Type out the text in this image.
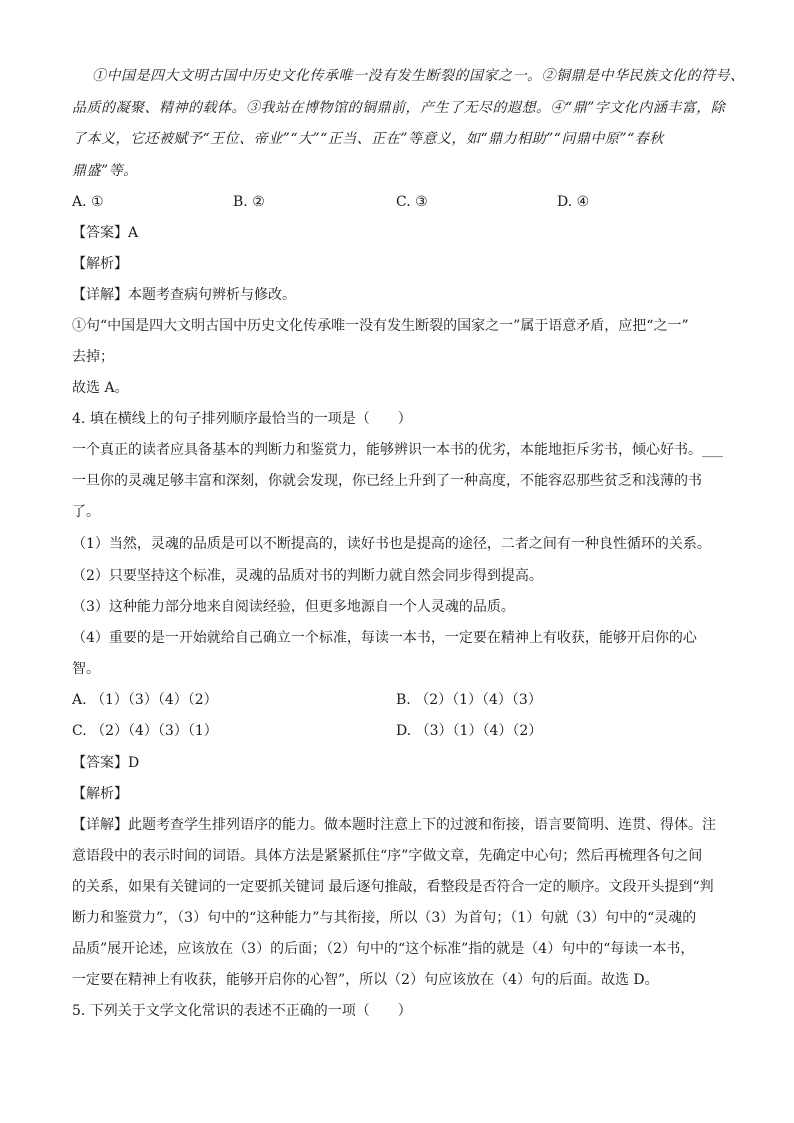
①中国是四大文明古国中历史文化传承唯一没有发生断裂的国家之一。②铜鼎是中华民族文化的符号、
品质的凝聚、精神的载体。③我站在博物馆的铜鼎前，产生了无尽的遐想。④“鼎”字文化内涵丰富，除
了本义，它还被赋予“王位、帝业”“大”“正当、正在”等意义，如“鼎力相助”“问鼎中原”“春秋
鼎盛”等。
A. ①	B. ②	C. ③	D. ④
【答案】A
【解析】
【详解】本题考查病句辨析与修改。
①句“中国是四大文明古国中历史文化传承唯一没有发生断裂的国家之一”属于语意矛盾，应把“之一”
去掉；
故选 A。
4. 填在横线上的句子排列顺序最恰当的一项是（　　）
一个真正的读者应具备基本的判断力和鉴赏力，能够辨识一本书的优劣，本能地拒斥劣书，倾心好书。___
一旦你的灵魂足够丰富和深刻，你就会发现，你已经上升到了一种高度，不能容忍那些贫乏和浅薄的书
了。
（1）当然，灵魂的品质是可以不断提高的，读好书也是提高的途径，二者之间有一种良性循环的关系。
（2）只要坚持这个标准，灵魂的品质对书的判断力就自然会同步得到提高。
（3）这种能力部分地来自阅读经验，但更多地源自一个人灵魂的品质。
（4）重要的是一开始就给自己确立一个标准，每读一本书，一定要在精神上有收获，能够开启你的心
智。
A. （1）（3）（4）（2）	B. （2）（1）（4）（3）
C. （2）（4）（3）（1）	D. （3）（1）（4）（2）
【答案】D
【解析】
【详解】此题考查学生排列语序的能力。做本题时注意上下的过渡和衔接，语言要简明、连贯、得体。注
意语段中的表示时间的词语。具体方法是紧紧抓住“序”字做文章，先确定中心句；然后再梳理各句之间
的关系，如果有关键词的一定要抓关键词 最后逐句推敲，看整段是否符合一定的顺序。文段开头提到“判
断力和鉴赏力”，（3）句中的“这种能力”与其衔接，所以（3）为首句；（1）句就（3）句中的“灵魂的
品质”展开论述，应该放在（3）的后面；（2）句中的“这个标准”指的就是（4）句中的“每读一本书，
一定要在精神上有收获，能够开启你的心智”，所以（2）句应该放在（4）句的后面。故选 D。
5. 下列关于文学文化常识的表述不正确的一项（　　）
